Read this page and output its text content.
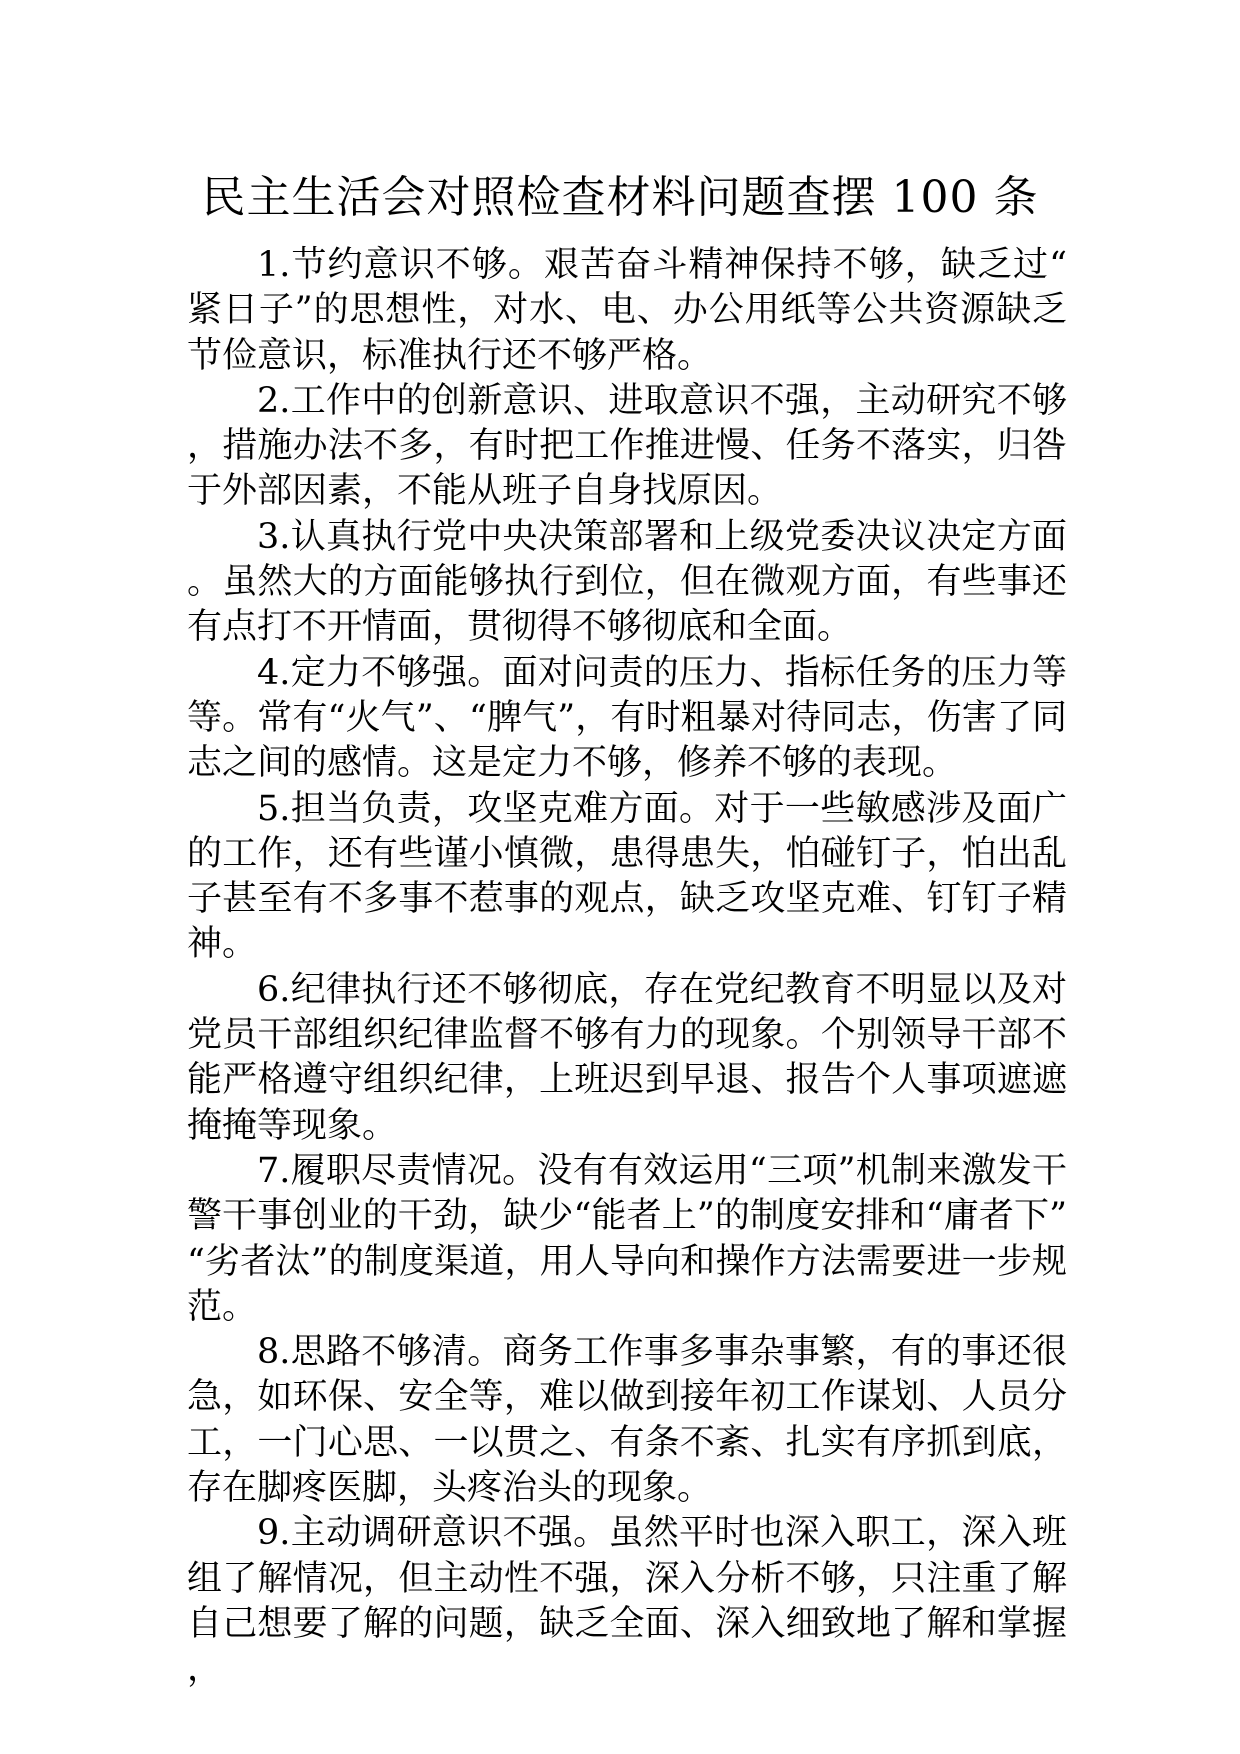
民主生活会对照检查材料问题查摆 100 条

1.节约意识不够。艰苦奋斗精神保持不够，缺乏过“紧日子”的思想性，对水、电、办公用纸等公共资源缺乏节俭意识，标准执行还不够严格。

2.工作中的创新意识、进取意识不强，主动研究不够，措施办法不多，有时把工作推进慢、任务不落实，归咎于外部因素，不能从班子自身找原因。

3.认真执行党中央决策部署和上级党委决议决定方面。虽然大的方面能够执行到位，但在微观方面，有些事还有点打不开情面，贯彻得不够彻底和全面。

4.定力不够强。面对问责的压力、指标任务的压力等等。常有“火气”、“脾气”，有时粗暴对待同志，伤害了同志之间的感情。这是定力不够，修养不够的表现。

5.担当负责，攻坚克难方面。对于一些敏感涉及面广的工作，还有些谨小慎微，患得患失，怕碰钉子，怕出乱子甚至有不多事不惹事的观点，缺乏攻坚克难、钉钉子精神。

6.纪律执行还不够彻底，存在党纪教育不明显以及对党员干部组织纪律监督不够有力的现象。个别领导干部不能严格遵守组织纪律，上班迟到早退、报告个人事项遮遮掩掩等现象。

7.履职尽责情况。没有有效运用“三项”机制来激发干警干事创业的干劲，缺少“能者上”的制度安排和“庸者下”“劣者汰”的制度渠道，用人导向和操作方法需要进一步规范。

8.思路不够清。商务工作事多事杂事繁，有的事还很急，如环保、安全等，难以做到接年初工作谋划、人员分工，一门心思、一以贯之、有条不紊、扎实有序抓到底，存在脚疼医脚，头疼治头的现象。

9.主动调研意识不强。虽然平时也深入职工，深入班组了解情况，但主动性不强，深入分析不够，只注重了解自己想要了解的问题，缺乏全面、深入细致地了解和掌握，
